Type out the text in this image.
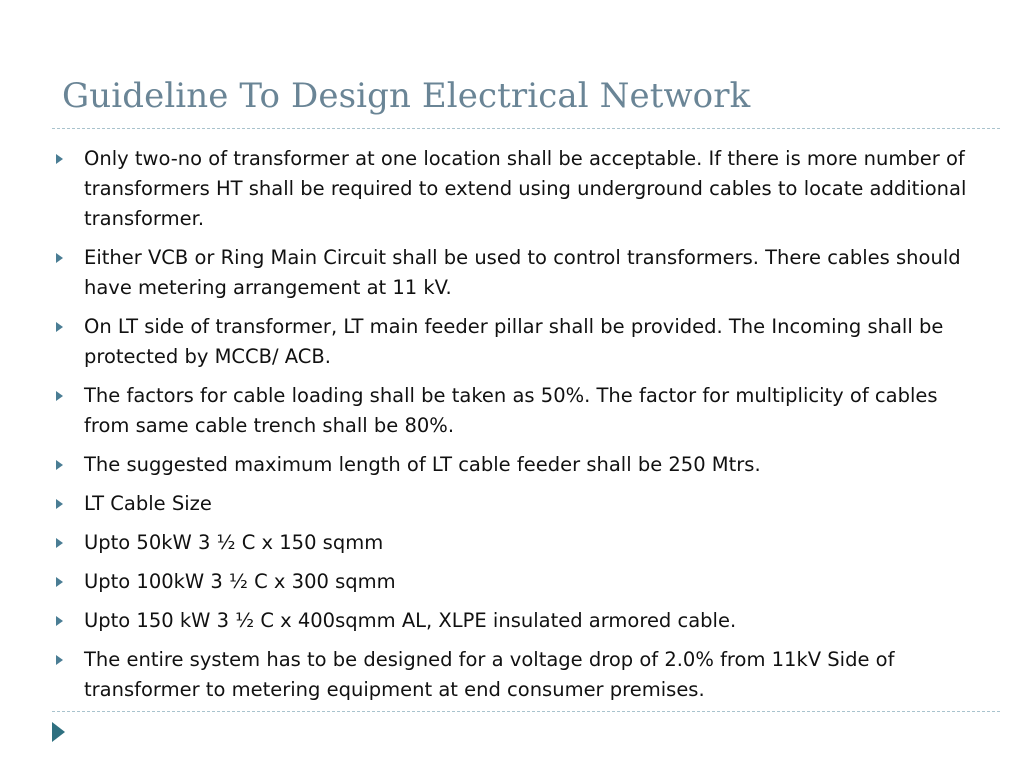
Guideline To Design Electrical Network
Only two-no of transformer at one location shall be acceptable. If there is more number of transformers HT shall be required to extend using underground cables to locate additional transformer.
Either VCB or Ring Main Circuit shall be used to control transformers. There cables should have metering arrangement at 11 kV.
On LT side of transformer, LT main feeder pillar shall be provided. The Incoming shall be protected by MCCB/ ACB.
The factors for cable loading shall be taken as 50%. The factor for multiplicity of cables from same cable trench shall be 80%.
The suggested maximum length of LT cable feeder shall be 250 Mtrs.
LT Cable Size
Upto 50kW 3 ½ C x 150 sqmm
Upto 100kW 3 ½ C x 300 sqmm
Upto 150 kW 3 ½ C x 400sqmm AL, XLPE insulated armored cable.
The entire system has to be designed for a voltage drop of 2.0% from 11kV Side of transformer to metering equipment at end consumer premises.
